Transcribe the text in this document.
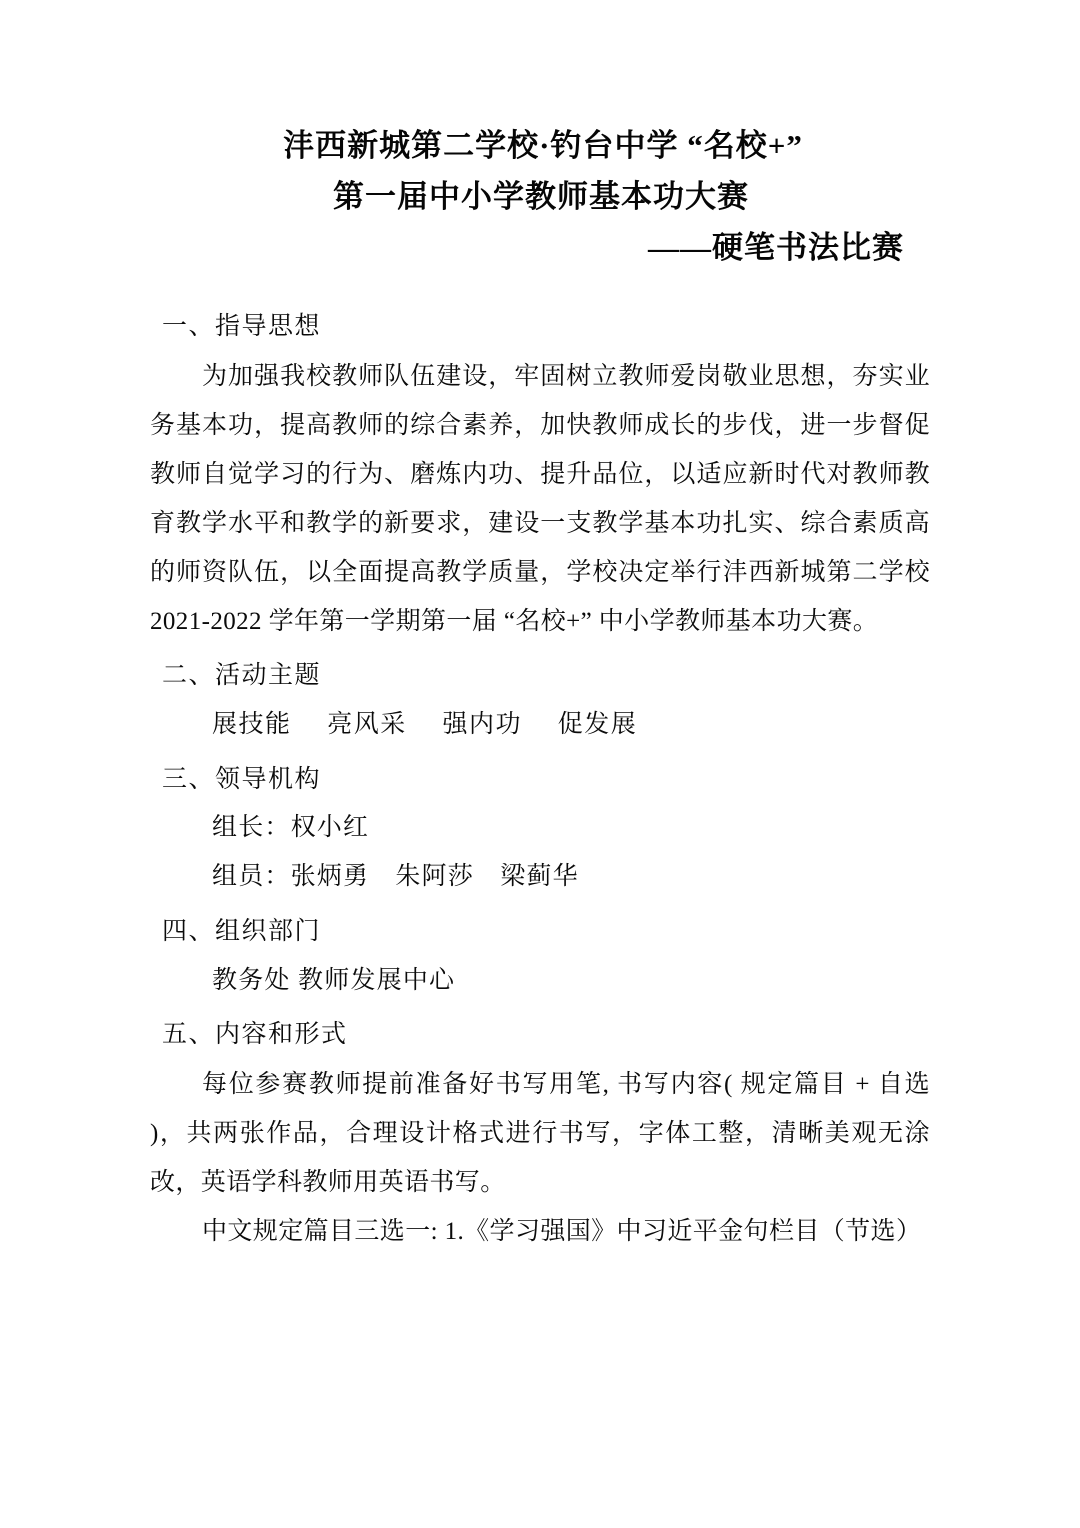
沣西新城第二学校·钓台中学 “名校+”
第一届中小学教师基本功大赛
——硬笔书法比赛
一、指导思想

为加强我校教师队伍建设，牢固树立教师爱岗敬业思想，夯实业务基本功，提高教师的综合素养，加快教师成长的步伐，进一步督促教师自觉学习的行为、磨炼内功、提升品位，以适应新时代对教师教育教学水平和教学的新要求，建设一支教学基本功扎实、综合素质高的师资队伍，以全面提高教学质量，学校决定举行沣西新城第二学校 2021-2022 学年第一学期第一届 “名校+” 中小学教师基本功大赛。

二、活动主题
展技能 亮风采 强内功 促发展
三、领导机构
组长：权小红
组员：张炳勇　朱阿莎　梁蓟华
四、组织部门
教务处 教师发展中心
五、内容和形式

每位参赛教师提前准备好书写用笔, 书写内容( 规定篇目 + 自选 )，共两张作品，合理设计格式进行书写，字体工整，清晰美观无涂改，英语学科教师用英语书写。

中文规定篇目三选一: 1.《学习强国》中习近平金句栏目（节选）
